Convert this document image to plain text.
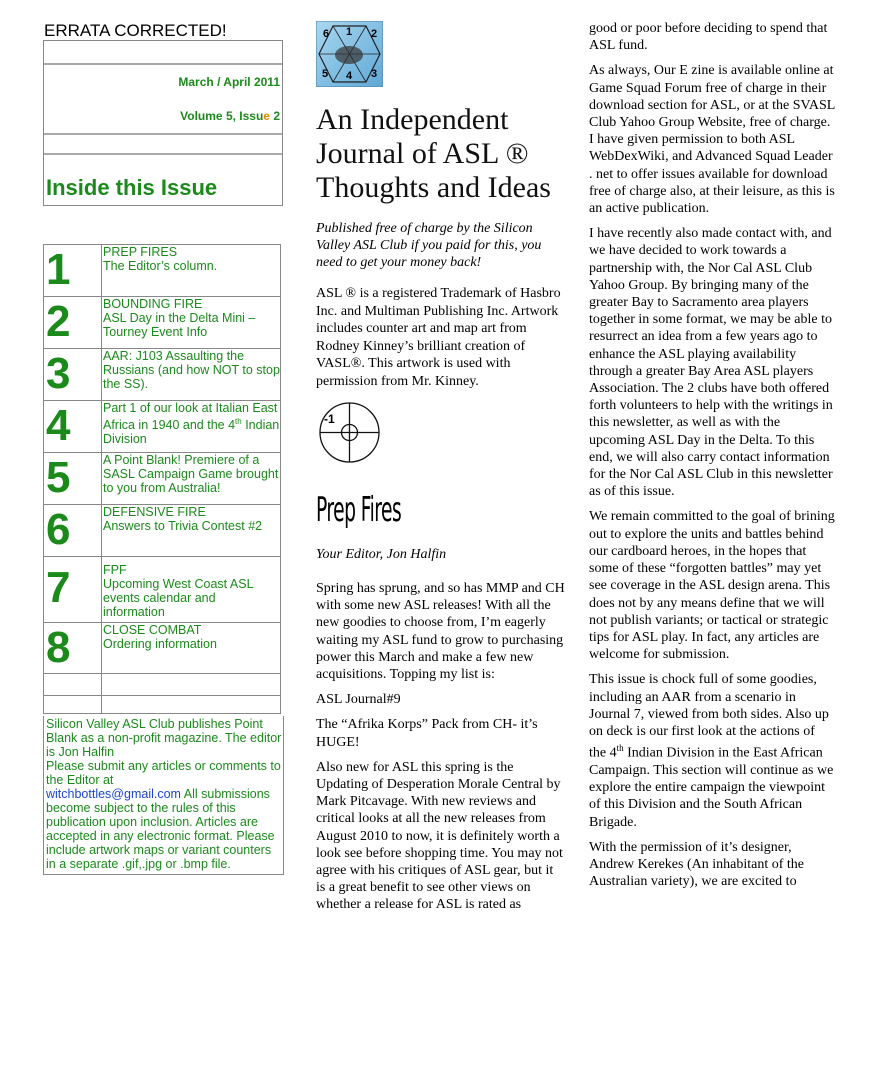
ERRATA CORRECTED!
March / April 2011
Volume 5, Issue 2
Inside this Issue
1	PREP FIRES
The Editor’s column.

2	BOUNDING FIRE
ASL Day in the Delta Mini – Tourney Event Info

3	AAR: J103 Assaulting the Russians (and how NOT to stop the SS).

4	Part 1 of our look at Italian East Africa in 1940 and the 4th Indian Division
5	A Point Blank! Premiere of a SASL Campaign Game brought to you from Australia!

6	DEFENSIVE FIRE
Answers to Trivia Contest #2

7	FPF
Upcoming West Coast ASL events calendar and information

8	CLOSE COMBAT
Ordering information

Silicon Valley ASL Club publishes Point Blank as a non-profit magazine. The editor is Jon Halfin
Please submit any articles or comments to the Editor at
witchbottles@gmail.com All submissions become subject to the rules of this publication upon inclusion. Articles are accepted in any electronic format. Please include artwork maps or variant counters in a separate .gif,.jpg or .bmp file.
6 1 2
5 4 3
An Independent Journal of ASL ® Thoughts and Ideas
Published free of charge by the Silicon Valley ASL Club if you paid for this, you need to get your money back!
ASL ® is a registered Trademark of Hasbro Inc. and Multiman Publishing Inc. Artwork includes counter art and map art from Rodney Kinney’s brilliant creation of VASL®. This artwork is used with permission from Mr. Kinney.
-1
Prep Fires
Your Editor, Jon Halfin

Spring has sprung, and so has MMP and CH with some new ASL releases! With all the new goodies to choose from, I’m eagerly waiting my ASL fund to grow to purchasing power this March and make a few new acquisitions. Topping my list is:

ASL Journal#9

The “Afrika Korps” Pack from CH- it’s HUGE!

Also new for ASL this spring is the Updating of Desperation Morale Central by Mark Pitcavage. With new reviews and critical looks at all the new releases from August 2010 to now, it is definitely worth a look see before shopping time. You may not agree with his critiques of ASL gear, but it is a great benefit to see other views on whether a release for ASL is rated as

good or poor before deciding to spend that ASL fund.

As always, Our E zine is available online at Game Squad Forum free of charge in their download section for ASL, or at the SVASL Club Yahoo Group Website, free of charge. I have given permission to both ASL WebDexWiki, and Advanced Squad Leader . net to offer issues available for download free of charge also, at their leisure, as this is an active publication.

I have recently also made contact with, and we have decided to work towards a partnership with, the Nor Cal ASL Club Yahoo Group. By bringing many of the greater Bay to Sacramento area players together in some format, we may be able to resurrect an idea from a few years ago to enhance the ASL playing availability through a greater Bay Area ASL players Association. The 2 clubs have both offered forth volunteers to help with the writings in this newsletter, as well as with the upcoming ASL Day in the Delta. To this end, we will also carry contact information for the Nor Cal ASL Club in this newsletter as of this issue.

We remain committed to the goal of brining out to explore the units and battles behind our cardboard heroes, in the hopes that some of these “forgotten battles” may yet see coverage in the ASL design arena. This does not by any means define that we will not publish variants; or tactical or strategic tips for ASL play. In fact, any articles are welcome for submission.

This issue is chock full of some goodies, including an AAR from a scenario in Journal 7, viewed from both sides. Also up on deck is our first look at the actions of the 4th Indian Division in the East African Campaign. This section will continue as we explore the entire campaign the viewpoint of this Division and the South African Brigade.

With the permission of it’s designer, Andrew Kerekes (An inhabitant of the Australian variety), we are excited to
